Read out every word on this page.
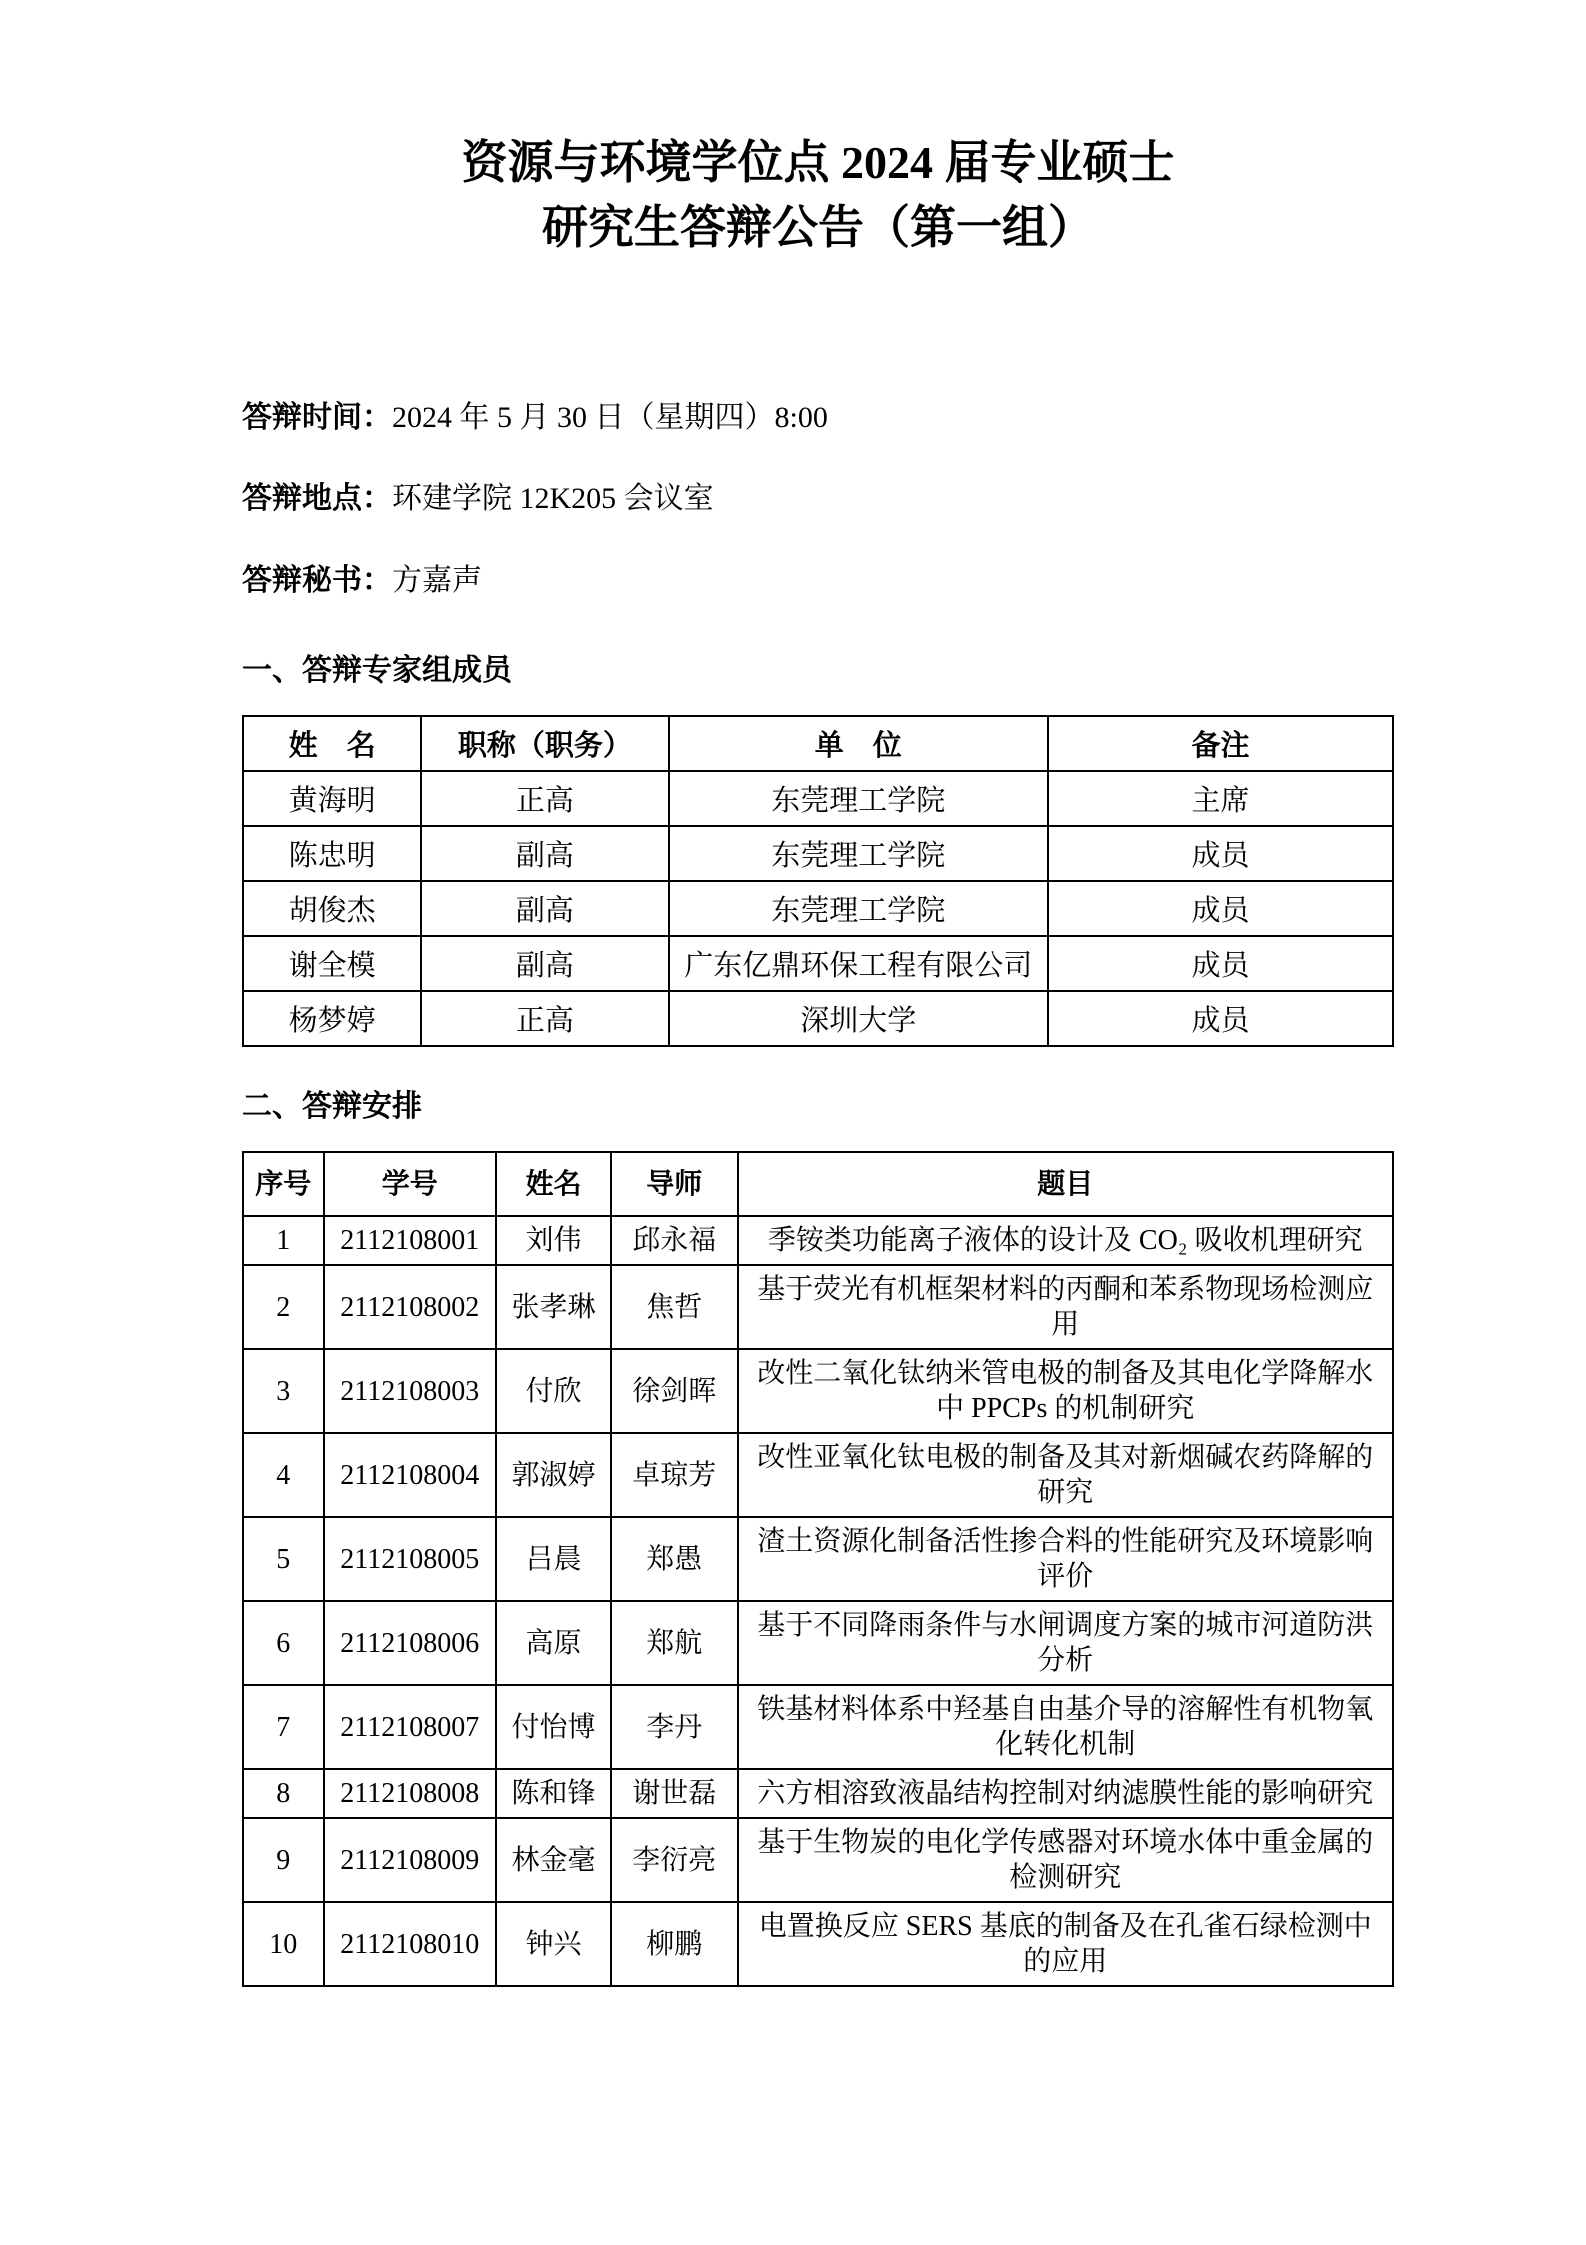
资源与环境学位点 2024 届专业硕士
研究生答辩公告（第一组）
答辩时间：2024 年 5 月 30 日（星期四）8:00
答辩地点：环建学院 12K205 会议室
答辩秘书：方嘉声
一、答辩专家组成员
姓　名	职称（职务）	单　位	备注
黄海明	正高	东莞理工学院	主席
陈忠明	副高	东莞理工学院	成员
胡俊杰	副高	东莞理工学院	成员
谢全模	副高	广东亿鼎环保工程有限公司	成员
杨梦婷	正高	深圳大学	成员
二、答辩安排
序号	学号	姓名	导师	题目
1	2112108001	刘伟	邱永福	季铵类功能离子液体的设计及 CO₂ 吸收机理研究
2	2112108002	张孝琳	焦哲	基于荧光有机框架材料的丙酮和苯系物现场检测应用
3	2112108003	付欣	徐剑晖	改性二氧化钛纳米管电极的制备及其电化学降解水中 PPCPs 的机制研究
4	2112108004	郭淑婷	卓琼芳	改性亚氧化钛电极的制备及其对新烟碱农药降解的研究
5	2112108005	吕晨	郑愚	渣土资源化制备活性掺合料的性能研究及环境影响评价
6	2112108006	高原	郑航	基于不同降雨条件与水闸调度方案的城市河道防洪分析
7	2112108007	付怡博	李丹	铁基材料体系中羟基自由基介导的溶解性有机物氧化转化机制
8	2112108008	陈和锋	谢世磊	六方相溶致液晶结构控制对纳滤膜性能的影响研究
9	2112108009	林金毫	李衍亮	基于生物炭的电化学传感器对环境水体中重金属的检测研究
10	2112108010	钟兴	柳鹏	电置换反应 SERS 基底的制备及在孔雀石绿检测中的应用
